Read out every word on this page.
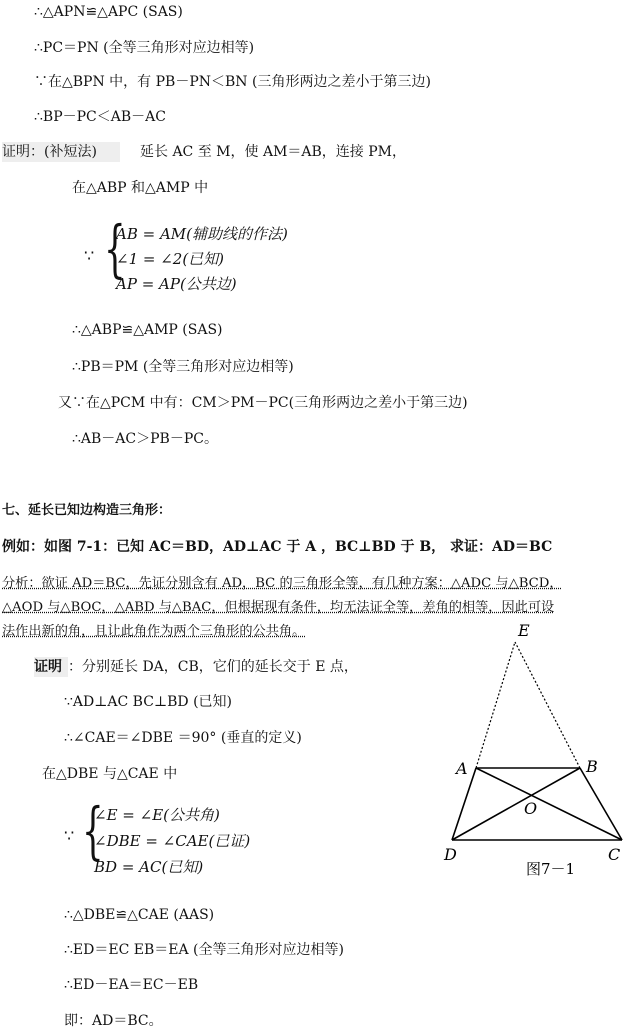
∴△APN≌△APC (SAS)
∴PC＝PN (全等三角形对应边相等)
∵在△BPN 中，有 PB－PN＜BN (三角形两边之差小于第三边)
∴BP－PC＜AB－AC
证明：(补短法)	延长 AC 至 M，使 AM＝AB，连接 PM，
在△ABP 和△AMP 中
∵ {
AB = AM(辅助线的作法)
∠1 = ∠2(已知)
AP = AP(公共边)
∴△ABP≌△AMP (SAS)
∴PB＝PM (全等三角形对应边相等)
又∵在△PCM 中有：CM＞PM－PC(三角形两边之差小于第三边)
∴AB－AC＞PB－PC。
七、延长已知边构造三角形：
例如：如图 7-1：已知 AC＝BD，AD⊥AC 于 A ，BC⊥BD 于 B， 求证：AD＝BC
分析：欲证 AD＝BC，先证分别含有 AD，BC 的三角形全等，有几种方案：△ADC 与△BCD，
△AOD 与△BOC，△ABD 与△BAC，但根据现有条件，均无法证全等，差角的相等，因此可设
法作出新的角，且让此角作为两个三角形的公共角。
证明 ：分别延长 DA，CB，它们的延长交于 E 点，
∵AD⊥AC BC⊥BD (已知)
∴∠CAE＝∠DBE ＝90° (垂直的定义)
在△DBE 与△CAE 中
∵ {
∠E = ∠E(公共角)
∠DBE = ∠CAE(已证)
BD = AC(已知)
∴△DBE≌△CAE (AAS)
∴ED＝EC EB＝EA (全等三角形对应边相等)
∴ED－EA＝EC－EB
即：AD＝BC。
E
A	B
O
D	C
图7－1
